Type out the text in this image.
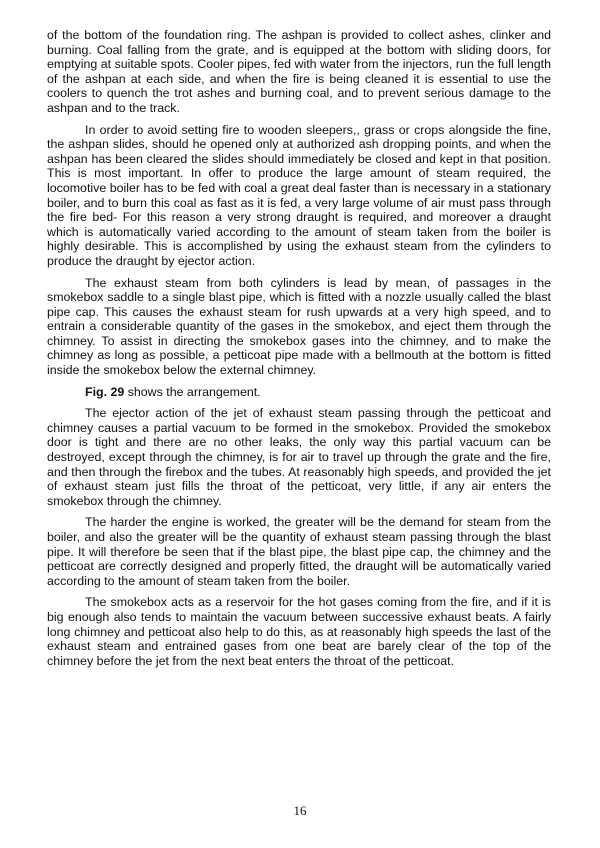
of the bottom of the foundation ring. The ashpan is provided to collect ashes, clinker and burning. Coal falling from the grate, and is equipped at the bottom with sliding doors, for emptying at suitable spots. Cooler pipes, fed with water from the injectors, run the full length of the ashpan at each side, and when the fire is being cleaned it is essential to use the coolers to quench the trot ashes and burning coal, and to prevent serious damage to the ashpan and to the track.

In order to avoid setting fire to wooden sleepers,, grass or crops alongside the fine, the ashpan slides, should he opened only at authorized ash dropping points, and when the ashpan has been cleared the slides should immediately be closed and kept in that position. This is most important. In offer to produce the large amount of steam required, the locomotive boiler has to be fed with coal a great deal faster than is necessary in a stationary boiler, and to burn this coal as fast as it is fed, a very large volume of air must pass through the fire bed- For this reason a very strong draught is required, and moreover a draught which is automatically varied according to the amount of steam taken from the boiler is highly desirable. This is accomplished by using the exhaust steam from the cylinders to produce the draught by ejector action.

The exhaust steam from both cylinders is lead by mean, of passages in the smokebox saddle to a single blast pipe, which is fitted with a nozzle usually called the blast pipe cap. This causes the exhaust steam for rush upwards at a very high speed, and to entrain a considerable quantity of the gases in the smokebox, and eject them through the chimney. To assist in directing the smokebox gases into the chimney, and to make the chimney as long as possible, a petticoat pipe made with a bellmouth at the bottom is fitted inside the smokebox below the external chimney.

Fig. 29 shows the arrangement.

The ejector action of the jet of exhaust steam passing through the petticoat and chimney causes a partial vacuum to be formed in the smokebox. Provided the smokebox door is tight and there are no other leaks, the only way this partial vacuum can be destroyed, except through the chimney, is for air to travel up through the grate and the fire, and then through the firebox and the tubes. At reasonably high speeds, and provided the jet of exhaust steam just fills the throat of the petticoat, very little, if any air enters the smokebox through the chimney.

The harder the engine is worked, the greater will be the demand for steam from the boiler, and also the greater will be the quantity of exhaust steam passing through the blast pipe. It will therefore be seen that if the blast pipe, the blast pipe cap, the chimney and the petticoat are correctly designed and properly fitted, the draught will be automatically varied according to the amount of steam taken from the boiler.

The smokebox acts as a reservoir for the hot gases coming from the fire, and if it is big enough also tends to maintain the vacuum between successive exhaust beats. A fairly long chimney and petticoat also help to do this, as at reasonably high speeds the last of the exhaust steam and entrained gases from one beat are barely clear of the top of the chimney before the jet from the next beat enters the throat of the petticoat.

16
